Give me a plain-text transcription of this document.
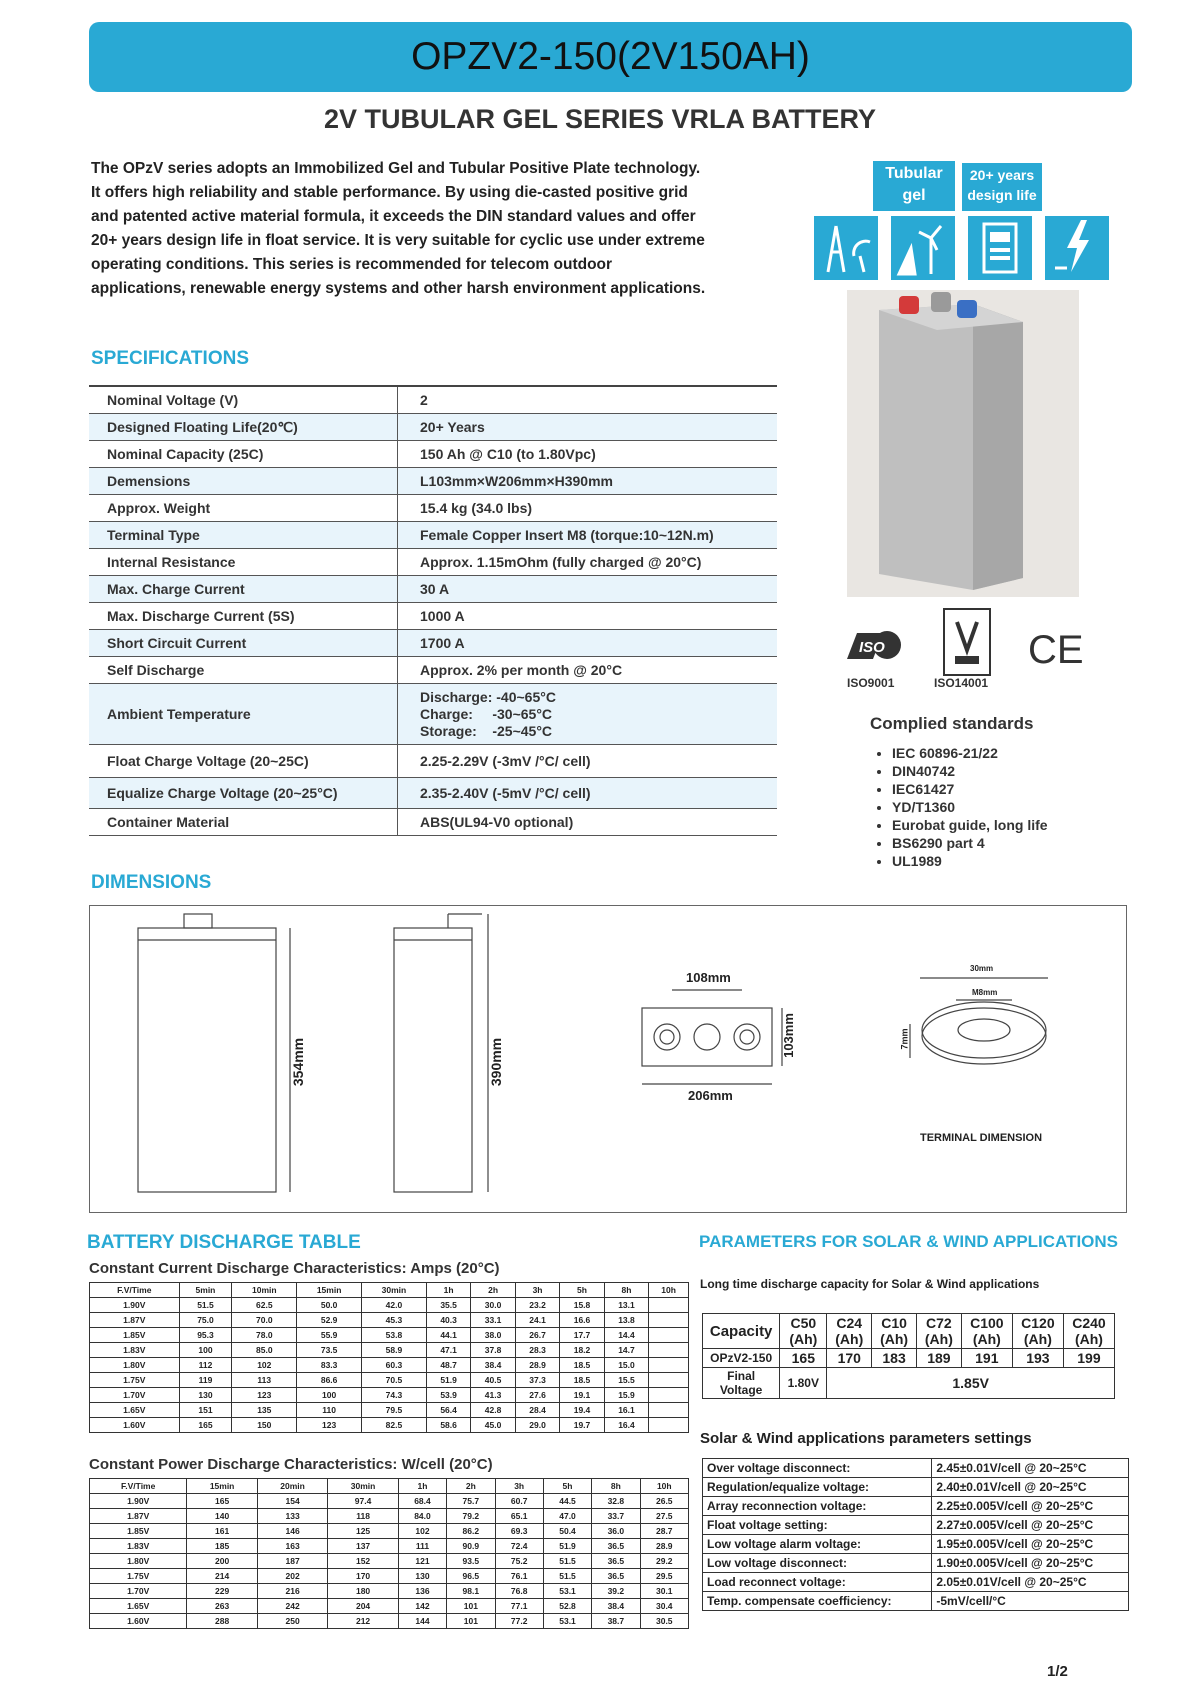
OPZV2-150(2V150AH)
2V TUBULAR GEL SERIES VRLA BATTERY
The OPzV series adopts an Immobilized Gel and Tubular Positive Plate technology. It offers high reliability and stable performance. By using die-casted positive grid and patented active material formula, it exceeds the DIN standard values and offer 20+ years design life in float service. It is very suitable for cyclic use under extreme operating conditions. This series is recommended for telecom outdoor applications, renewable energy systems and other harsh environment applications.
Tubular gel
20+ years design life
ISO	CE
ISO9001	ISO14001
Complied standards
• IEC 60896-21/22
• DIN40742
• IEC61427
• YD/T1360
• Eurobat guide, long life
• BS6290 part 4
• UL1989
SPECIFICATIONS
Nominal Voltage (V)	2
Designed Floating Life(20℃)	20+ Years
Nominal Capacity (25C)	150 Ah @ C10 (to 1.80Vpc)
Demensions	L103mm×W206mm×H390mm
Approx. Weight	15.4 kg (34.0 lbs)
Terminal Type	Female Copper Insert M8 (torque:10~12N.m)
Internal Resistance	Approx. 1.15mOhm (fully charged @ 20°C)
Max. Charge Current	30 A
Max. Discharge Current (5S)	1000 A
Short Circuit Current	1700 A
Self Discharge	Approx. 2% per month @ 20°C
Ambient Temperature	Discharge: -40~65°C
Charge:     -30~65°C
Storage:    -25~45°C

Float Charge Voltage (20~25C)	2.25-2.29V (-3mV /°C/ cell)
Equalize Charge Voltage (20~25°C)	2.35-2.40V (-5mV /°C/ cell)
Container Material	ABS(UL94-V0 optional)
DIMENSIONS
354mm	390mm
108mm
103mm
206mm
30mm
M8mm
7mm
TERMINAL DIMENSION
BATTERY DISCHARGE TABLE
Constant Current Discharge Characteristics: Amps (20°C)
F.V/Time	5min	10min	15min	30min	1h	2h	3h	5h	8h	10h
1.90V	51.5	62.5	50.0	42.0	35.5	30.0	23.2	15.8	13.1	
1.87V	75.0	70.0	52.9	45.3	40.3	33.1	24.1	16.6	13.8	
1.85V	95.3	78.0	55.9	53.8	44.1	38.0	26.7	17.7	14.4	
1.83V	100	85.0	73.5	58.9	47.1	37.8	28.3	18.2	14.7	
1.80V	112	102	83.3	60.3	48.7	38.4	28.9	18.5	15.0	
1.75V	119	113	86.6	70.5	51.9	40.5	37.3	18.5	15.5	
1.70V	130	123	100	74.3	53.9	41.3	27.6	19.1	15.9	
1.65V	151	135	110	79.5	56.4	42.8	28.4	19.4	16.1	
1.60V	165	150	123	82.5	58.6	45.0	29.0	19.7	16.4	
Constant Power Discharge Characteristics: W/cell (20°C)
F.V/Time	15min	20min	30min	1h	2h	3h	5h	8h	10h
1.90V	165	154	97.4	68.4	75.7	60.7	44.5	32.8	26.5
1.87V	140	133	118	84.0	79.2	65.1	47.0	33.7	27.5
1.85V	161	146	125	102	86.2	69.3	50.4	36.0	28.7
1.83V	185	163	137	111	90.9	72.4	51.9	36.5	28.9
1.80V	200	187	152	121	93.5	75.2	51.5	36.5	29.2
1.75V	214	202	170	130	96.5	76.1	51.5	36.5	29.5
1.70V	229	216	180	136	98.1	76.8	53.1	39.2	30.1
1.65V	263	242	204	142	101	77.1	52.8	38.4	30.4
1.60V	288	250	212	144	101	77.2	53.1	38.7	30.5
PARAMETERS FOR SOLAR & WIND APPLICATIONS
Long time discharge capacity for Solar & Wind applications
Capacity	C50 (Ah)	C24 (Ah)	C10 (Ah)	C72 (Ah)	C100 (Ah)	C120 (Ah)	C240 (Ah)
OPzV2-150	165	170	183	189	191	193	199
Final Voltage	1.80V	1.85V					
Solar & Wind applications parameters settings
Over voltage disconnect:	2.45±0.01V/cell @ 20~25°C
Regulation/equalize voltage:	2.40±0.01V/cell @ 20~25°C
Array reconnection voltage:	2.25±0.005V/cell @ 20~25°C
Float voltage setting:	2.27±0.005V/cell @ 20~25°C
Low voltage alarm voltage:	1.95±0.005V/cell @ 20~25°C
Low voltage disconnect:	1.90±0.005V/cell @ 20~25°C
Load reconnect voltage:	2.05±0.01V/cell @ 20~25°C
Temp. compensate coefficiency:	-5mV/cell/°C
1/2
